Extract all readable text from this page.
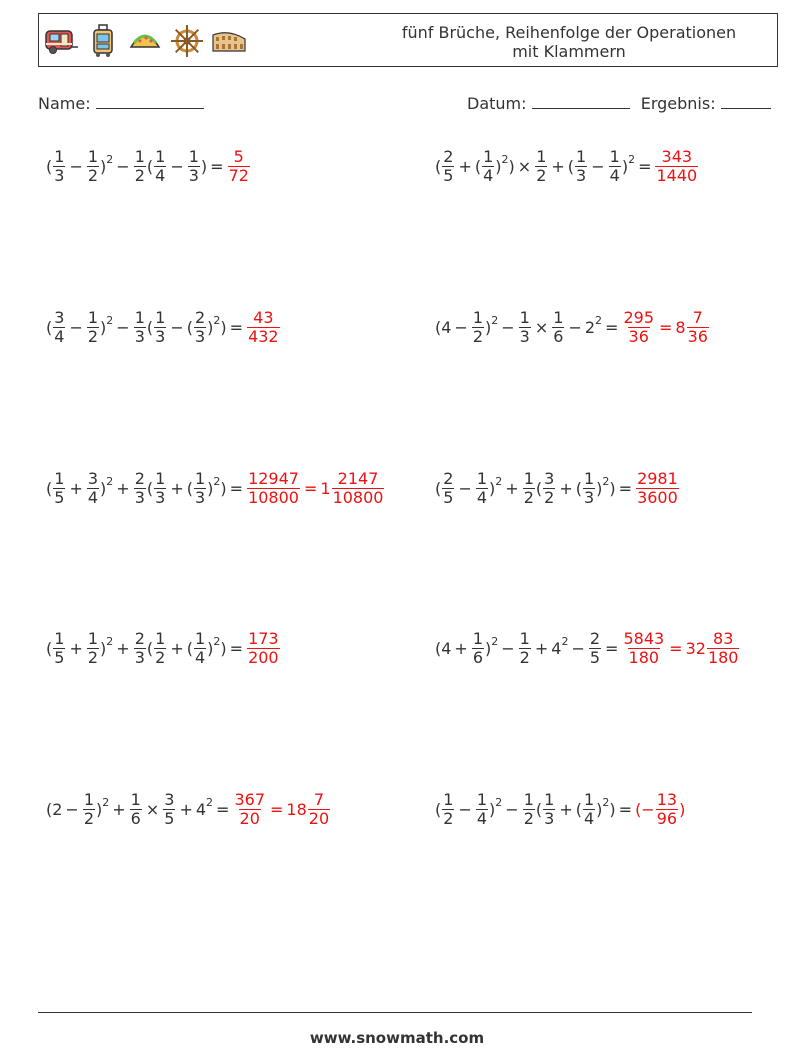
fünf Brüche, Reihenfolge der Operationen
mit Klammern
Name:	Datum:	Ergebnis:
( $\frac{1}{3} - \frac{1}{2}$ ) $2 - \frac{1}{2}$ ( $\frac{1}{4} - \frac{1}{3}$ ) = $\frac{5}{72}$	( $\frac{2}{5}$ + ( $\frac{1}{4}$ ) 2 ) × $\frac{1}{2}$ + ( $\frac{1}{3} - \frac{1}{4}$ ) $2 = \frac{343}{1440}$
( $\frac{3}{4} - \frac{1}{2}$ ) $2 - \frac{1}{3}$ ( $\frac{1}{3}$ − ( $\frac{2}{3}$ ) 2 ) = $\frac{43}{432}$	($4 - \frac{1}{2}$ ) $2 - \frac{1}{3} \times \frac{1}{6} - 2$ $2 = \frac{295}{36} = 8 \frac{7}{36}$
( $\frac{1}{5} + \frac{3}{4}$ ) $2 + \frac{2}{3}$ ( $\frac{1}{3}$ + ( $\frac{1}{3}$ ) 2 ) = $\frac{12947}{10800} = 1 \frac{2147}{10800}$	( $\frac{2}{5} - \frac{1}{4}$ ) $2 + \frac{1}{2}$ ( $\frac{3}{2}$ + ( $\frac{1}{3}$ ) 2 ) = $\frac{2981}{3600}$
( $\frac{1}{5} + \frac{1}{2}$ ) $2 + \frac{2}{3}$ ( $\frac{1}{2}$ + ( $\frac{1}{4}$ ) 2 ) = $\frac{173}{200}$	($4 + \frac{1}{6}$ ) $2 - \frac{1}{2} + 4$ $2 - \frac{2}{5} = \frac{5843}{180} = 32 \frac{83}{180}$
($2 - \frac{1}{2}$ ) $2 + \frac{1}{6} \times \frac{3}{5} + 4$ $2 = \frac{367}{20} = 18 \frac{7}{20}$	( $\frac{1}{2} - \frac{1}{4}$ ) $2 - \frac{1}{2}$ ( $\frac{1}{3}$ + ( $\frac{1}{4}$ ) 2 ) = (− $\frac{13}{96}$ )
www.snowmath.com
